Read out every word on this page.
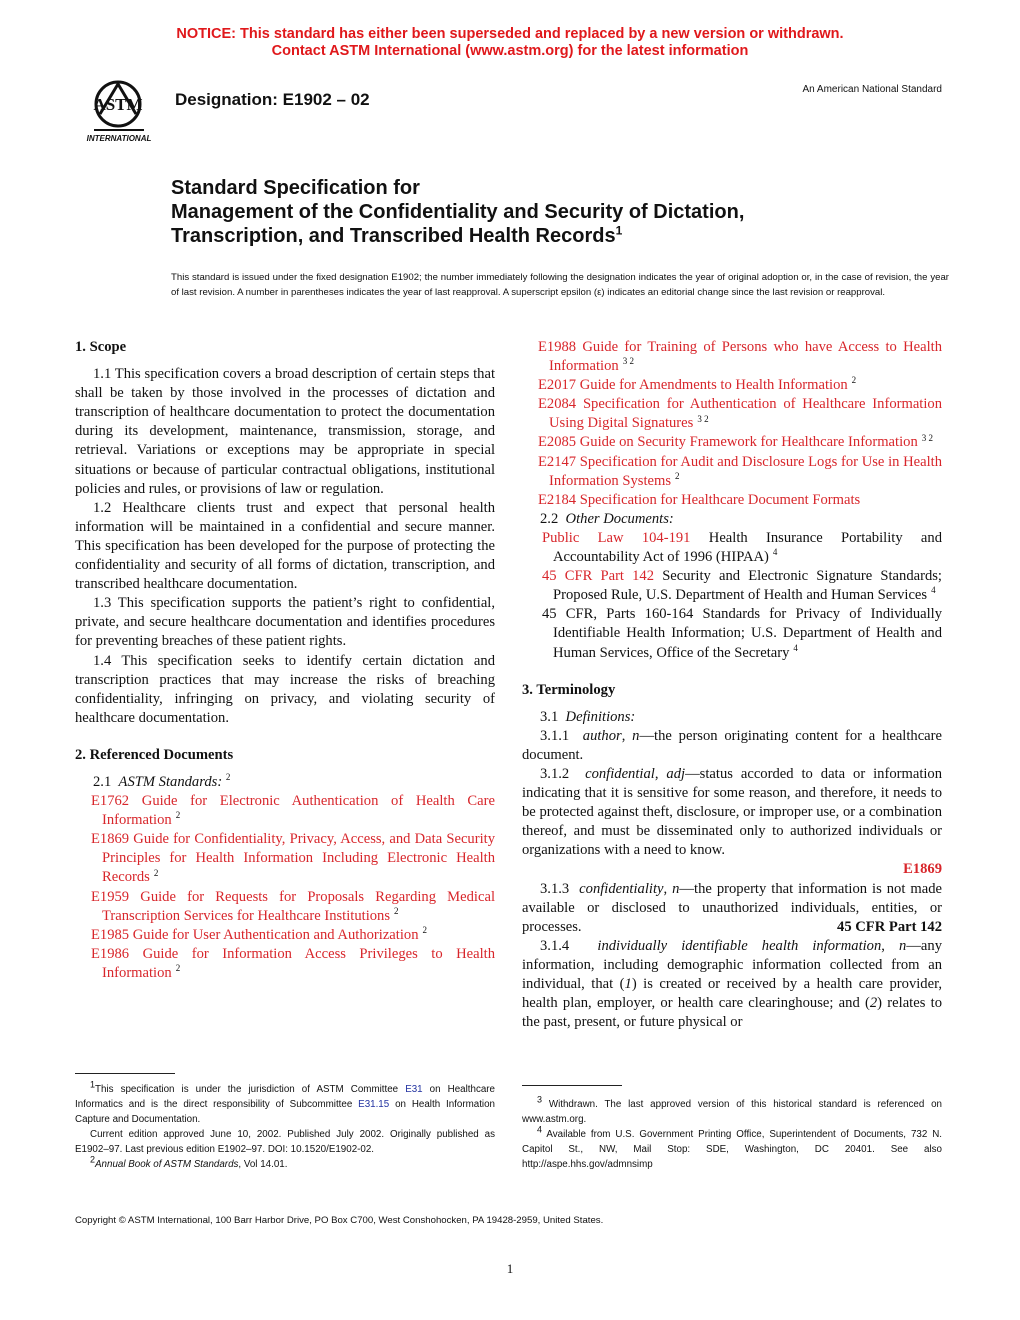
NOTICE: This standard has either been superseded and replaced by a new version or withdrawn.
Contact ASTM International (www.astm.org) for the latest information
ASTM
INTERNATIONAL
Designation: E1902 – 02
An American National Standard
Standard Specification for
Management of the Confidentiality and Security of Dictation,
Transcription, and Transcribed Health Records$^1$
This standard is issued under the fixed designation E1902; the number immediately following the designation indicates the year of original adoption or, in the case of revision, the year of last revision. A number in parentheses indicates the year of last reapproval. A superscript epsilon (ε) indicates an editorial change since the last revision or reapproval.
1. Scope

1.1 This specification covers a broad description of certain steps that shall be taken by those involved in the processes of dictation and transcription of healthcare documentation to protect the documentation during its development, maintenance, transmission, storage, and retrieval. Variations or exceptions may be appropriate in special situations or because of particular contractual obligations, institutional policies and rules, or provisions of law or regulation.

1.2 Healthcare clients trust and expect that personal health information will be maintained in a confidential and secure manner. This specification has been developed for the purpose of protecting the confidentiality and security of all forms of dictation, transcription, and transcribed healthcare documentation.

1.3 This specification supports the patient’s right to confidential, private, and secure healthcare documentation and identifies procedures for preventing breaches of these patient rights.

1.4 This specification seeks to identify certain dictation and transcription practices that may increase the risks of breaching confidentiality, infringing on privacy, and violating security of healthcare documentation.

2. Referenced Documents

2.1 ASTM Standards: $^2$

E1762 Guide for Electronic Authentication of Health Care Information $^2$

E1869 Guide for Confidentiality, Privacy, Access, and Data Security Principles for Health Information Including Electronic Health Records $^2$

E1959 Guide for Requests for Proposals Regarding Medical Transcription Services for Healthcare Institutions $^2$

E1985 Guide for User Authentication and Authorization $^2$

E1986 Guide for Information Access Privileges to Health Information $^2$

E1988 Guide for Training of Persons who have Access to Health Information $^{3 2}$

E2017 Guide for Amendments to Health Information $^2$

E2084 Specification for Authentication of Healthcare Information Using Digital Signatures $^{3 2}$

E2085 Guide on Security Framework for Healthcare Information $^{3 2}$

E2147 Specification for Audit and Disclosure Logs for Use in Health Information Systems $^2$

E2184 Specification for Healthcare Document Formats

2.2 Other Documents:

Public Law 104-191 Health Insurance Portability and Accountability Act of 1996 (HIPAA) $^4$

45 CFR Part 142 Security and Electronic Signature Standards; Proposed Rule, U.S. Department of Health and Human Services $^4$

45 CFR, Parts 160-164 Standards for Privacy of Individually Identifiable Health Information; U.S. Department of Health and Human Services, Office of the Secretary $^4$

3. Terminology

3.1 Definitions:

3.1.1 author, n—the person originating content for a healthcare document.

3.1.2 confidential, adj—status accorded to data or information indicating that it is sensitive for some reason, and therefore, it needs to be protected against theft, disclosure, or improper use, or a combination thereof, and must be disseminated only to authorized individuals or organizations with a need to know.

E1869

3.1.3 confidentiality, n—the property that information is not made available or disclosed to unauthorized individuals, entities, or processes.	45 CFR Part 142

3.1.4 individually identifiable health information, n—any information, including demographic information collected from an individual, that (1) is created or received by a health care provider, health plan, employer, or health care clearinghouse; and (2) relates to the past, present, or future physical or

$^1$This specification is under the jurisdiction of ASTM Committee E31 on Healthcare Informatics and is the direct responsibility of Subcommittee E31.15 on Health Information Capture and Documentation.

Current edition approved June 10, 2002. Published July 2002. Originally published as E1902–97. Last previous edition E1902–97. DOI: 10.1520/E1902-02.

$^2$Annual Book of ASTM Standards, Vol 14.01.

$^3$ Withdrawn. The last approved version of this historical standard is referenced on www.astm.org.

$^4$ Available from U.S. Government Printing Office, Superintendent of Documents, 732 N. Capitol St., NW, Mail Stop: SDE, Washington, DC 20401. See also http://aspe.hhs.gov/admnsimp

Copyright © ASTM International, 100 Barr Harbor Drive, PO Box C700, West Conshohocken, PA 19428-2959, United States.
1
